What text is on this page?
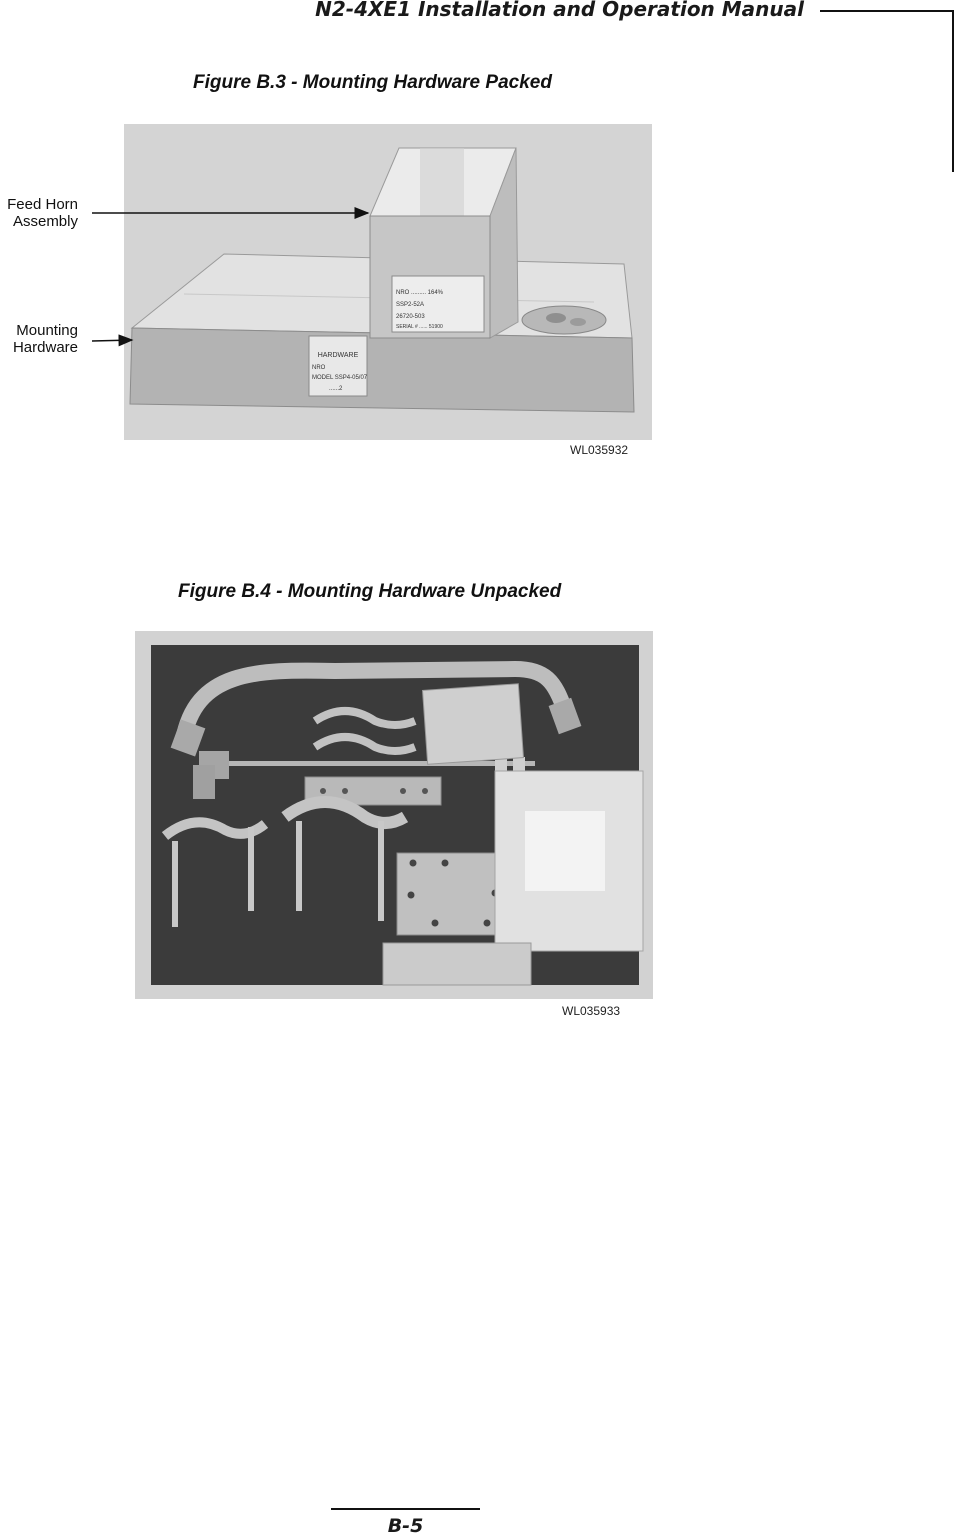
N2-4XE1 Installation and Operation Manual
Figure B.3 - Mounting Hardware Packed
HARDWARE
NRO
MODEL SSP4-05/07
......2
NRO ......... 164%
SSP2-52A
26720-503
SERIAL # ...... 51900
Feed Horn
Assembly
Mounting
Hardware
WL035932
Figure B.4 - Mounting Hardware Unpacked
WL035933
B-5
